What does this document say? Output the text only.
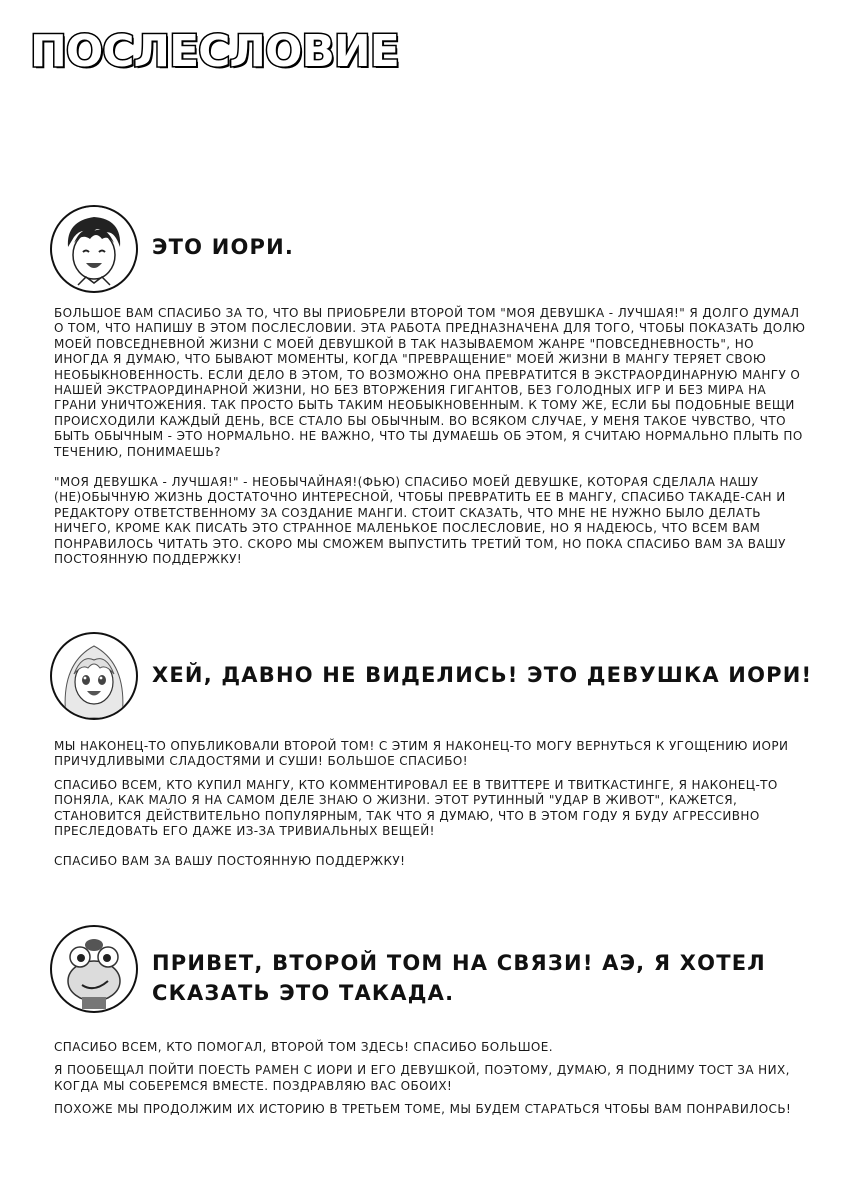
ПОСЛЕСЛОВИЕ
ЭТО ИОРИ.

БОЛЬШОЕ ВАМ СПАСИБО ЗА ТО, ЧТО ВЫ ПРИОБРЕЛИ ВТОРОЙ ТОМ "МОЯ ДЕВУШКА - ЛУЧШАЯ!" Я ДОЛГО ДУМАЛ О ТОМ, ЧТО НАПИШУ В ЭТОМ ПОСЛЕСЛОВИИ. ЭТА РАБОТА ПРЕДНАЗНАЧЕНА ДЛЯ ТОГО, ЧТОБЫ ПОКАЗАТЬ ДОЛЮ МОЕЙ ПОВСЕДНЕВНОЙ ЖИЗНИ С МОЕЙ ДЕВУШКОЙ В ТАК НАЗЫВАЕМОМ ЖАНРЕ "ПОВСЕДНЕВНОСТЬ", НО ИНОГДА Я ДУМАЮ, ЧТО БЫВАЮТ МОМЕНТЫ, КОГДА "ПРЕВРАЩЕНИЕ" МОЕЙ ЖИЗНИ В МАНГУ ТЕРЯЕТ СВОЮ НЕОБЫКНОВЕННОСТЬ. ЕСЛИ ДЕЛО В ЭТОМ, ТО ВОЗМОЖНО ОНА ПРЕВРАТИТСЯ В ЭКСТРАОРДИНАРНУЮ МАНГУ О НАШЕЙ ЭКСТРАОРДИНАРНОЙ ЖИЗНИ, НО БЕЗ ВТОРЖЕНИЯ ГИГАНТОВ, БЕЗ ГОЛОДНЫХ ИГР И БЕЗ МИРА НА ГРАНИ УНИЧТОЖЕНИЯ. ТАК ПРОСТО БЫТЬ ТАКИМ НЕОБЫКНОВЕННЫМ. К ТОМУ ЖЕ, ЕСЛИ БЫ ПОДОБНЫЕ ВЕЩИ ПРОИСХОДИЛИ КАЖДЫЙ ДЕНЬ, ВСЕ СТАЛО БЫ ОБЫЧНЫМ. ВО ВСЯКОМ СЛУЧАЕ, У МЕНЯ ТАКОЕ ЧУВСТВО, ЧТО БЫТЬ ОБЫЧНЫМ - ЭТО НОРМАЛЬНО. НЕ ВАЖНО, ЧТО ТЫ ДУМАЕШЬ ОБ ЭТОМ, Я СЧИТАЮ НОРМАЛЬНО ПЛЫТЬ ПО ТЕЧЕНИЮ, ПОНИМАЕШЬ?

"МОЯ ДЕВУШКА - ЛУЧШАЯ!" - НЕОБЫЧАЙНАЯ!(ФЬЮ) СПАСИБО МОЕЙ ДЕВУШКЕ, КОТОРАЯ СДЕЛАЛА НАШУ (НЕ)ОБЫЧНУЮ ЖИЗНЬ ДОСТАТОЧНО ИНТЕРЕСНОЙ, ЧТОБЫ ПРЕВРАТИТЬ ЕЕ В МАНГУ, СПАСИБО ТАКАДЕ-САН И РЕДАКТОРУ ОТВЕТСТВЕННОМУ ЗА СОЗДАНИЕ МАНГИ. СТОИТ СКАЗАТЬ, ЧТО МНЕ НЕ НУЖНО БЫЛО ДЕЛАТЬ НИЧЕГО, КРОМЕ КАК ПИСАТЬ ЭТО СТРАННОЕ МАЛЕНЬКОЕ ПОСЛЕСЛОВИЕ, НО Я НАДЕЮСЬ, ЧТО ВСЕМ ВАМ ПОНРАВИЛОСЬ ЧИТАТЬ ЭТО. СКОРО МЫ СМОЖЕМ ВЫПУСТИТЬ ТРЕТИЙ ТОМ, НО ПОКА СПАСИБО ВАМ ЗА ВАШУ ПОСТОЯННУЮ ПОДДЕРЖКУ!

ХЕЙ, ДАВНО НЕ ВИДЕЛИСЬ! ЭТО ДЕВУШКА ИОРИ!

МЫ НАКОНЕЦ-ТО ОПУБЛИКОВАЛИ ВТОРОЙ ТОМ! С ЭТИМ Я НАКОНЕЦ-ТО МОГУ ВЕРНУТЬСЯ К УГОЩЕНИЮ ИОРИ ПРИЧУДЛИВЫМИ СЛАДОСТЯМИ И СУШИ! БОЛЬШОЕ СПАСИБО!

СПАСИБО ВСЕМ, КТО КУПИЛ МАНГУ, КТО КОММЕНТИРОВАЛ ЕЕ В ТВИТТЕРЕ И ТВИТКАСТИНГЕ, Я НАКОНЕЦ-ТО ПОНЯЛА, КАК МАЛО Я НА САМОМ ДЕЛЕ ЗНАЮ О ЖИЗНИ. ЭТОТ РУТИННЫЙ "УДАР В ЖИВОТ", КАЖЕТСЯ, СТАНОВИТСЯ ДЕЙСТВИТЕЛЬНО ПОПУЛЯРНЫМ, ТАК ЧТО Я ДУМАЮ, ЧТО В ЭТОМ ГОДУ Я БУДУ АГРЕССИВНО ПРЕСЛЕДОВАТЬ ЕГО ДАЖЕ ИЗ-ЗА ТРИВИАЛЬНЫХ ВЕЩЕЙ!

СПАСИБО ВАМ ЗА ВАШУ ПОСТОЯННУЮ ПОДДЕРЖКУ!

ПРИВЕТ, ВТОРОЙ ТОМ НА СВЯЗИ! АЭ, Я ХОТЕЛ СКАЗАТЬ ЭТО ТАКАДА.

СПАСИБО ВСЕМ, КТО ПОМОГАЛ, ВТОРОЙ ТОМ ЗДЕСЬ! СПАСИБО БОЛЬШОЕ.

Я ПООБЕЩАЛ ПОЙТИ ПОЕСТЬ РАМЕН С ИОРИ И ЕГО ДЕВУШКОЙ, ПОЭТОМУ, ДУМАЮ, Я ПОДНИМУ ТОСТ ЗА НИХ, КОГДА МЫ СОБЕРЕМСЯ ВМЕСТЕ. ПОЗДРАВЛЯЮ ВАС ОБОИХ!

ПОХОЖЕ МЫ ПРОДОЛЖИМ ИХ ИСТОРИЮ В ТРЕТЬЕМ ТОМЕ, МЫ БУДЕМ СТАРАТЬСЯ ЧТОБЫ ВАМ ПОНРАВИЛОСЬ!
